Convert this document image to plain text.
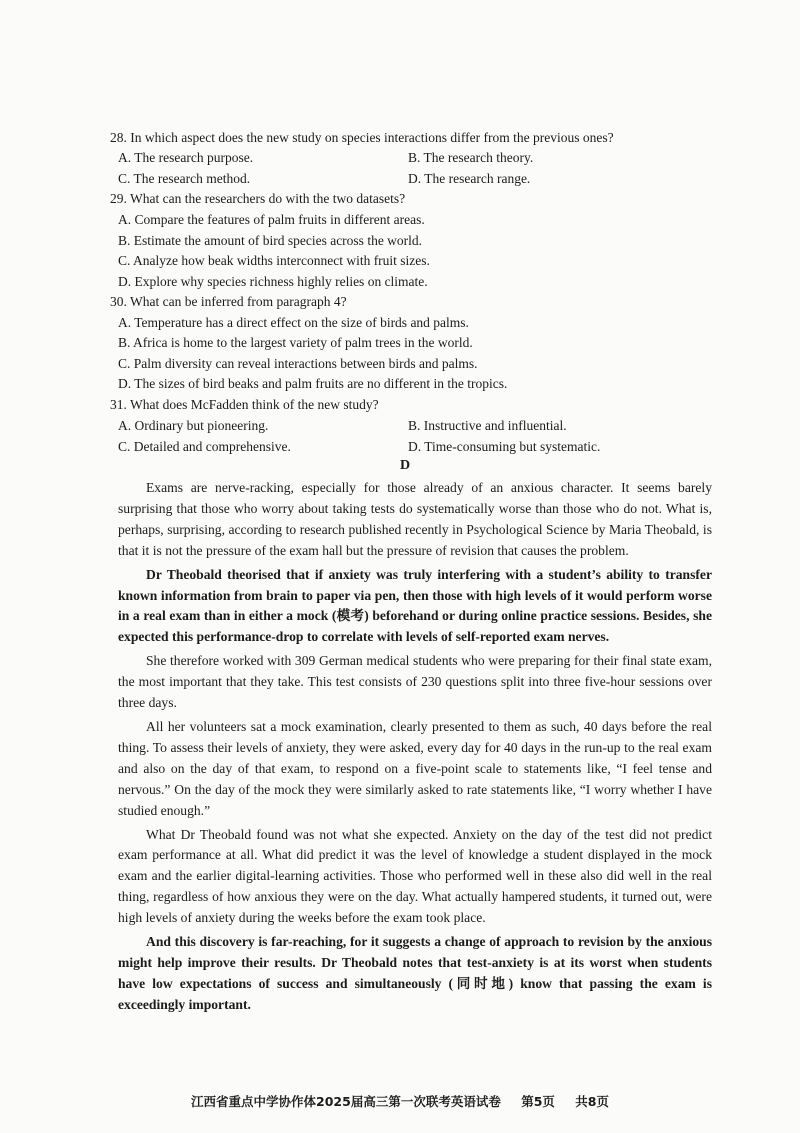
28. In which aspect does the new study on species interactions differ from the previous ones?
A. The research purpose.	B. The research theory.
C. The research method.	D. The research range.
29. What can the researchers do with the two datasets?
A. Compare the features of palm fruits in different areas.
B. Estimate the amount of bird species across the world.
C. Analyze how beak widths interconnect with fruit sizes.
D. Explore why species richness highly relies on climate.
30. What can be inferred from paragraph 4?
A. Temperature has a direct effect on the size of birds and palms.
B. Africa is home to the largest variety of palm trees in the world.
C. Palm diversity can reveal interactions between birds and palms.
D. The sizes of bird beaks and palm fruits are no different in the tropics.
31. What does McFadden think of the new study?
A. Ordinary but pioneering.	B. Instructive and influential.
C. Detailed and comprehensive.	D. Time-consuming but systematic.
D

Exams are nerve-racking, especially for those already of an anxious character. It seems barely surprising that those who worry about taking tests do systematically worse than those who do not. What is, perhaps, surprising, according to research published recently in Psychological Science by Maria Theobald, is that it is not the pressure of the exam hall but the pressure of revision that causes the problem.

Dr Theobald theorised that if anxiety was truly interfering with a student’s ability to transfer known information from brain to paper via pen, then those with high levels of it would perform worse in a real exam than in either a mock (模考) beforehand or during online practice sessions. Besides, she expected this performance-drop to correlate with levels of self-reported exam nerves.

She therefore worked with 309 German medical students who were preparing for their final state exam, the most important that they take. This test consists of 230 questions split into three five-hour sessions over three days.

All her volunteers sat a mock examination, clearly presented to them as such, 40 days before the real thing. To assess their levels of anxiety, they were asked, every day for 40 days in the run-up to the real exam and also on the day of that exam, to respond on a five-point scale to statements like, “I feel tense and nervous.” On the day of the mock they were similarly asked to rate statements like, “I worry whether I have studied enough.”

What Dr Theobald found was not what she expected. Anxiety on the day of the test did not predict exam performance at all. What did predict it was the level of knowledge a student displayed in the mock exam and the earlier digital-learning activities. Those who performed well in these also did well in the real thing, regardless of how anxious they were on the day. What actually hampered students, it turned out, were high levels of anxiety during the weeks before the exam took place.

And this discovery is far-reaching, for it suggests a change of approach to revision by the anxious might help improve their results. Dr Theobald notes that test-anxiety is at its worst when students have low expectations of success and simultaneously (同时地) know that passing the exam is exceedingly important.

江西省重点中学协作体2025届高三第一次联考英语试卷 第5页 共8页
